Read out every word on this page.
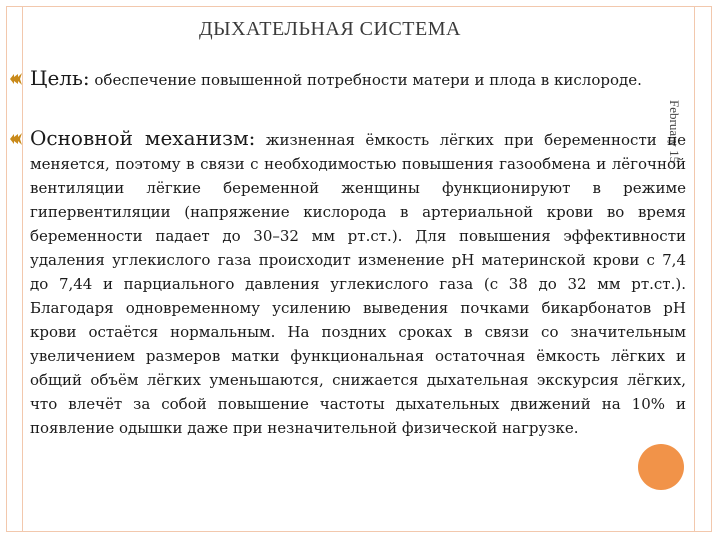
ДЫХАТЕЛЬНАЯ СИСТЕМА
February 15

Цель: обеспечение повышенной потребности матери и плода в кислороде.

Основной механизм: жизненная ёмкость лёгких при беременности не меняется, поэтому в связи с необходимостью повышения газообмена и лёгочной вентиляции лёгкие беременной женщины функционируют в режиме гипервентиляции (напряжение кислорода в артериальной крови во время беременности падает до 30–32 мм рт.ст.). Для повышения эффективности удаления углекислого газа происходит изменение рН материнской крови с 7,4 до 7,44 и парциального давления углекислого газа (с 38 до 32 мм рт.ст.). Благодаря одновременному усилению выведения почками бикарбонатов рН крови остаётся нормальным. На поздних сроках в связи со значительным увеличением размеров матки функциональная остаточная ёмкость лёгких и общий объём лёгких уменьшаются, снижается дыхательная экскурсия лёгких, что влечёт за собой повышение частоты дыхательных движений на 10% и появление одышки даже при незначительной физической нагрузке.
